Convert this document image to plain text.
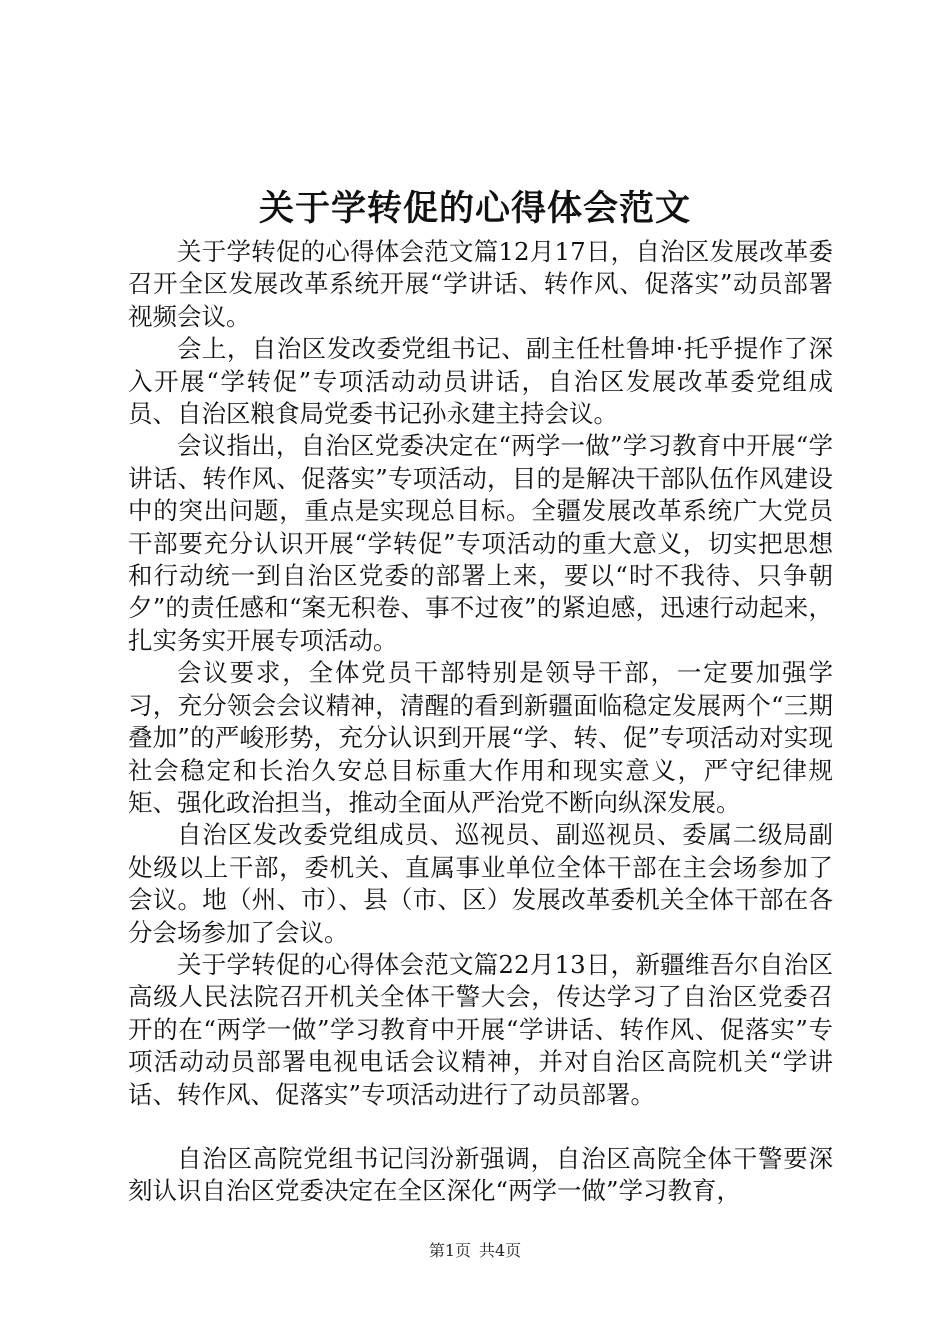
关于学转促的心得体会范文

关于学转促的心得体会范文篇12月17日，自治区发展改革委召开全区发展改革系统开展“学讲话、转作风、促落实”动员部署视频会议。

会上，自治区发改委党组书记、副主任杜鲁坤·托乎提作了深入开展“学转促”专项活动动员讲话，自治区发展改革委党组成员、自治区粮食局党委书记孙永建主持会议。

会议指出，自治区党委决定在“两学一做”学习教育中开展“学讲话、转作风、促落实”专项活动，目的是解决干部队伍作风建设中的突出问题，重点是实现总目标。全疆发展改革系统广大党员干部要充分认识开展“学转促”专项活动的重大意义，切实把思想和行动统一到自治区党委的部署上来，要以“时不我待、只争朝夕”的责任感和“案无积卷、事不过夜”的紧迫感，迅速行动起来，扎实务实开展专项活动。

会议要求，全体党员干部特别是领导干部，一定要加强学习，充分领会会议精神，清醒的看到新疆面临稳定发展两个“三期叠加”的严峻形势，充分认识到开展“学、转、促”专项活动对实现社会稳定和长治久安总目标重大作用和现实意义，严守纪律规矩、强化政治担当，推动全面从严治党不断向纵深发展。

自治区发改委党组成员、巡视员、副巡视员、委属二级局副处级以上干部，委机关、直属事业单位全体干部在主会场参加了会议。地（州、市）、县（市、区）发展改革委机关全体干部在各分会场参加了会议。

关于学转促的心得体会范文篇22月13日，新疆维吾尔自治区高级人民法院召开机关全体干警大会，传达学习了自治区党委召开的在“两学一做”学习教育中开展“学讲话、转作风、促落实”专项活动动员部署电视电话会议精神，并对自治区高院机关“学讲话、转作风、促落实”专项活动进行了动员部署。

自治区高院党组书记闫汾新强调，自治区高院全体干警要深刻认识自治区党委决定在全区深化“两学一做”学习教育，

第1页 共4页
